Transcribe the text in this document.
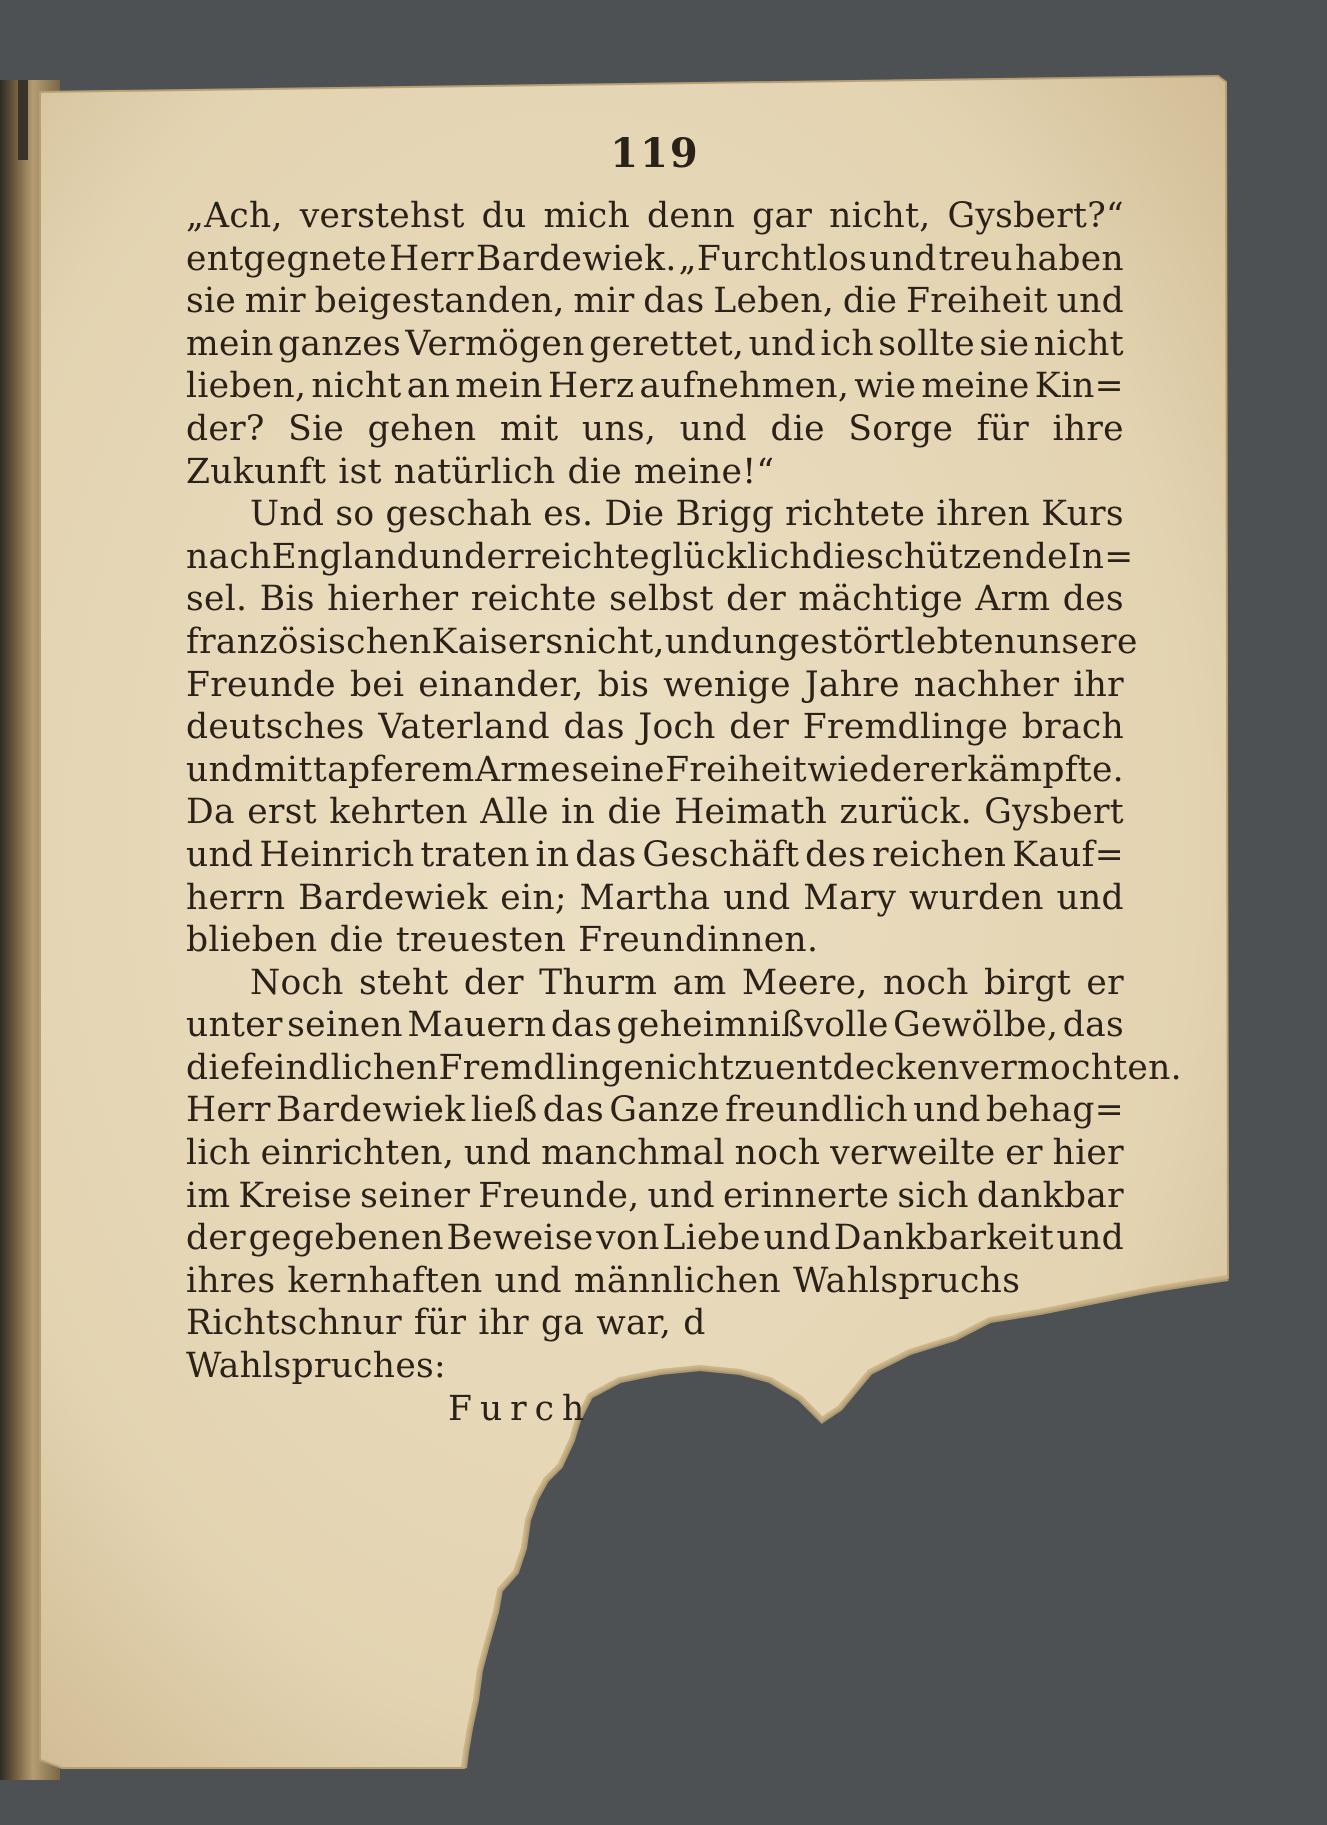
119
„Ach, verstehst du mich denn gar nicht, Gysbert?“
entgegnete Herr Bardewiek. „Furchtlos und treu haben
sie mir beigestanden, mir das Leben, die Freiheit und
mein ganzes Vermögen gerettet, und ich sollte sie nicht
lieben, nicht an mein Herz aufnehmen, wie meine Kin=
der? Sie gehen mit uns, und die Sorge für ihre
Zukunft ist natürlich die meine!“
Und so geschah es. Die Brigg richtete ihren Kurs
nach England und erreichte glücklich die schützende In=
sel. Bis hierher reichte selbst der mächtige Arm des
französischen Kaisers nicht, und ungestört lebten unsere
Freunde bei einander, bis wenige Jahre nachher ihr
deutsches Vaterland das Joch der Fremdlinge brach
und mit tapferem Arme seine Freiheit wieder erkämpfte.
Da erst kehrten Alle in die Heimath zurück. Gysbert
und Heinrich traten in das Geschäft des reichen Kauf=
herrn Bardewiek ein; Martha und Mary wurden und
blieben die treuesten Freundinnen.
Noch steht der Thurm am Meere, noch birgt er
unter seinen Mauern das geheimnißvolle Gewölbe, das
die feindlichen Fremdlinge nicht zu entdecken vermochten.
Herr Bardewiek ließ das Ganze freundlich und behag=
lich einrichten, und manchmal noch verweilte er hier
im Kreise seiner Freunde, und erinnerte sich dankbar
der gegebenen Beweise von Liebe und Dankbarkeit und
ihres kernhaften und männlichen Wahlspruchs
Richtschnur für ihr ga war, d
Wahlspruches:
Furch
